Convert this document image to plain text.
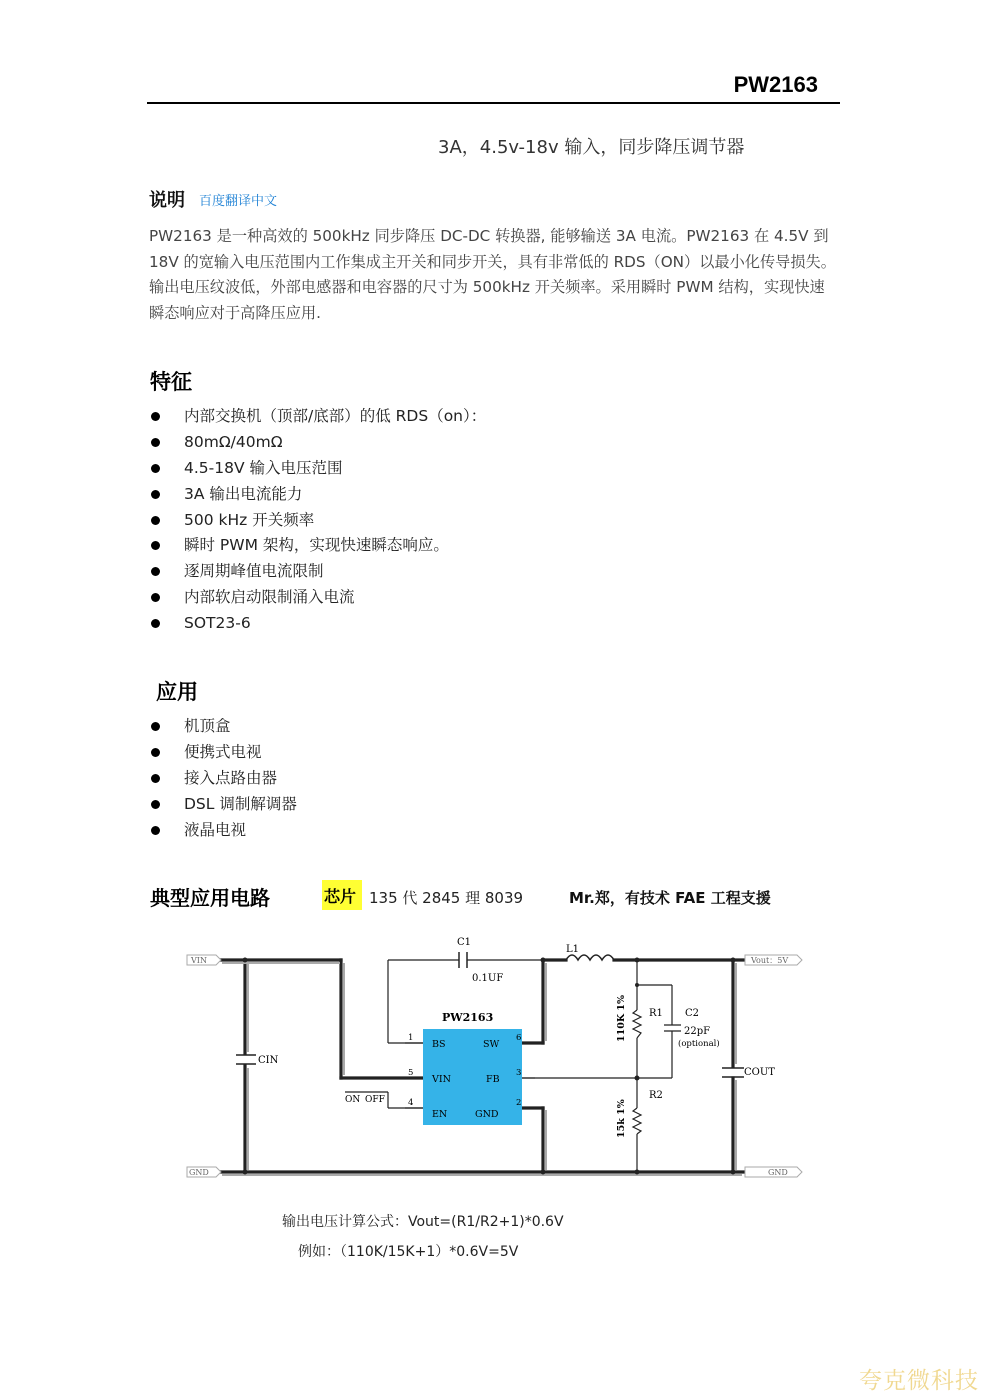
PW2163
3A，4.5v-18v 输入，同步降压调节器
说明 百度翻译中文
PW2163 是一种高效的 500kHz 同步降压 DC-DC 转换器, 能够输送 3A 电流。PW2163 在 4.5V 到 18V 的宽输入电压范围内工作集成主开关和同步开关，具有非常低的 RDS（ON）以最小化传导损失。输出电压纹波低，外部电感器和电容器的尺寸为 500kHz 开关频率。采用瞬时 PWM 结构，实现快速瞬态响应对于高降压应用.
特征
内部交换机（顶部/底部）的低 RDS（on）：
80mΩ/40mΩ
4.5-18V 输入电压范围
3A 输出电流能力
500 kHz 开关频率
瞬时 PWM 架构，实现快速瞬态响应。
逐周期峰值电流限制
内部软启动限制涌入电流
SOT23-6
应用
机顶盒
便携式电视
接入点路由器
DSL 调制解调器
液晶电视
典型应用电路	芯片 135 代 2845 理 8039	Mr.郑，有技术 FAE 工程支援
VIN	Vout：5V
GND	GND
C1
0.1UF
L1
PW2163
BS
VIN
EN
SW
FB
GND
1
5
4
6
3
2
CIN
COUT
ON OFF
R1
R2
C2
22pF
(optional)
110K 1%
15k 1%
输出电压计算公式：Vout=(R1/R2+1)*0.6V
例如：（110K/15K+1）*0.6V=5V
夸克微科技
